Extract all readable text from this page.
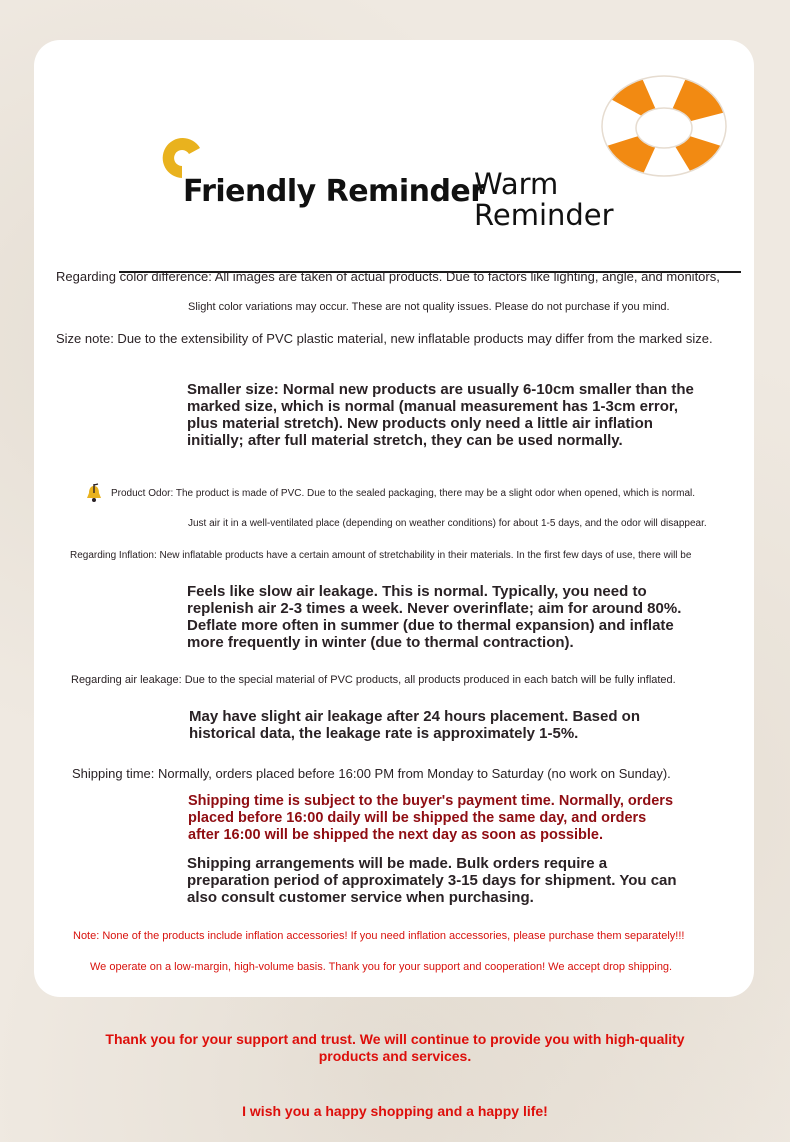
Friendly Reminder
Warm
Reminder

Regarding color difference: All images are taken of actual products. Due to factors like lighting, angle, and monitors,

Slight color variations may occur. These are not quality issues. Please do not purchase if you mind.

Size note: Due to the extensibility of PVC plastic material, new inflatable products may differ from the marked size.

Smaller size: Normal new products are usually 6-10cm smaller than the marked size, which is normal (manual measurement has 1-3cm error, plus material stretch). New products only need a little air inflation initially; after full material stretch, they can be used normally.

Product Odor: The product is made of PVC. Due to the sealed packaging, there may be a slight odor when opened, which is normal.

Just air it in a well-ventilated place (depending on weather conditions) for about 1-5 days, and the odor will disappear.

Regarding Inflation: New inflatable products have a certain amount of stretchability in their materials. In the first few days of use, there will be

Feels like slow air leakage. This is normal. Typically, you need to replenish air 2-3 times a week. Never overinflate; aim for around 80%. Deflate more often in summer (due to thermal expansion) and inflate more frequently in winter (due to thermal contraction).

Regarding air leakage: Due to the special material of PVC products, all products produced in each batch will be fully inflated.

May have slight air leakage after 24 hours placement. Based on historical data, the leakage rate is approximately 1-5%.

Shipping time: Normally, orders placed before 16:00 PM from Monday to Saturday (no work on Sunday).

Shipping time is subject to the buyer's payment time. Normally, orders placed before 16:00 daily will be shipped the same day, and orders after 16:00 will be shipped the next day as soon as possible.

Shipping arrangements will be made. Bulk orders require a preparation period of approximately 3-15 days for shipment. You can also consult customer service when purchasing.

Note: None of the products include inflation accessories! If you need inflation accessories, please purchase them separately!!!

We operate on a low-margin, high-volume basis. Thank you for your support and cooperation! We accept drop shipping.

Thank you for your support and trust. We will continue to provide you with high-quality products and services.

I wish you a happy shopping and a happy life!
